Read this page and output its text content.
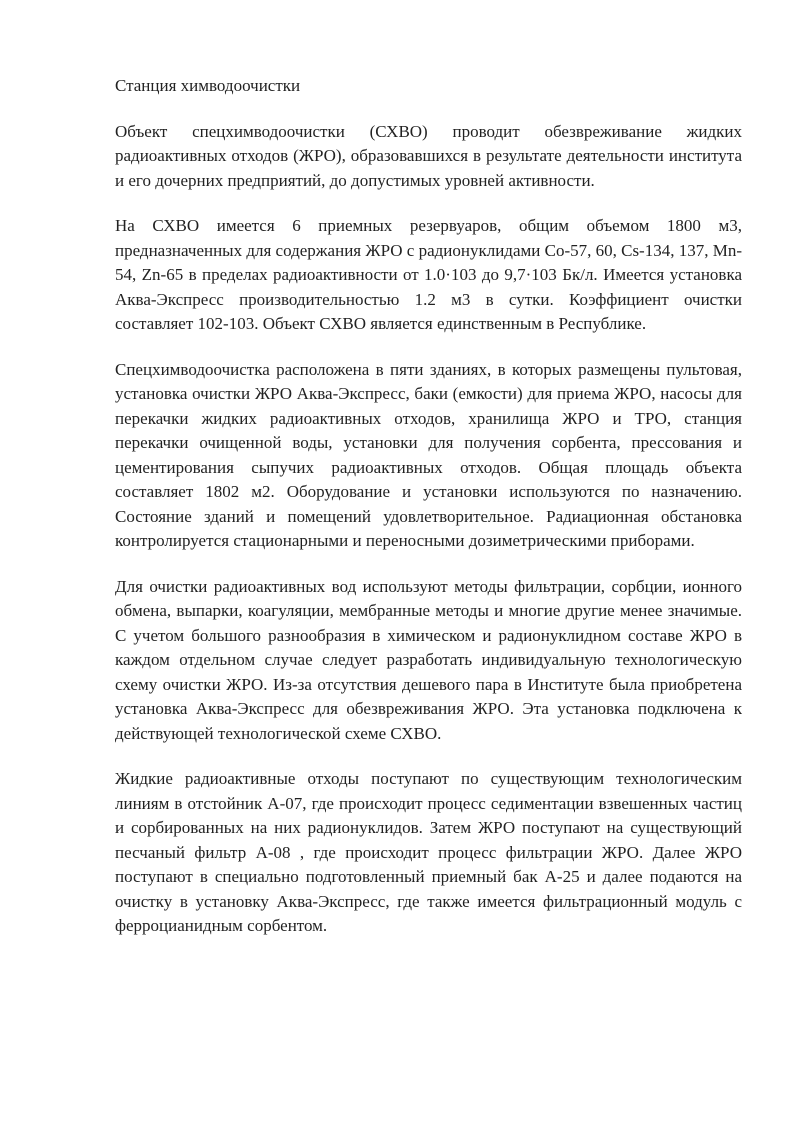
Станция химводоочистки

Объект спецхимводоочистки (СХВО) проводит обезвреживание жидких радиоактивных отходов (ЖРО), образовавшихся в результате деятельности института и его дочерних предприятий, до допустимых уровней активности.

На СХВО имеется 6 приемных резервуаров, общим объемом 1800 м3, предназначенных для содержания ЖРО с радионуклидами Co-57, 60, Cs-134, 137, Mn-54, Zn-65 в пределах радиоактивности от 1.0·103 до 9,7·103 Бк/л. Имеется установка Аква-Экспресс производительностью 1.2 м3 в сутки. Коэффициент очистки составляет 102-103. Объект СХВО является единственным в Республике.

Спецхимводоочистка расположена в пяти зданиях, в которых размещены пультовая, установка очистки ЖРО Аква-Экспресс, баки (емкости) для приема ЖРО, насосы для перекачки жидких радиоактивных отходов, хранилища ЖРО и ТРО, станция перекачки очищенной воды, установки для получения сорбента, прессования и цементирования сыпучих радиоактивных отходов. Общая площадь объекта составляет 1802 м2. Оборудование и установки используются по назначению. Состояние зданий и помещений удовлетворительное. Радиационная обстановка контролируется стационарными и переносными дозиметрическими приборами.

Для очистки радиоактивных вод используют методы фильтрации, сорбции, ионного обмена, выпарки, коагуляции, мембранные методы и многие другие менее значимые. С учетом большого разнообразия в химическом и радионуклидном составе ЖРО в каждом отдельном случае следует разработать индивидуальную технологическую схему очистки ЖРО. Из-за отсутствия дешевого пара в Институте была приобретена установка Аква-Экспресс для обезвреживания ЖРО. Эта установка подключена к действующей технологической схеме СХВО.

Жидкие радиоактивные отходы поступают по существующим технологическим линиям в отстойник А-07, где происходит процесс седиментации взвешенных частиц и сорбированных на них радионуклидов. Затем ЖРО поступают на существующий песчаный фильтр А-08 , где происходит процесс фильтрации ЖРО. Далее ЖРО поступают в специально подготовленный приемный бак А-25 и далее подаются на очистку в установку Аква-Экспресс, где также имеется фильтрационный модуль с ферроцианидным сорбентом.
